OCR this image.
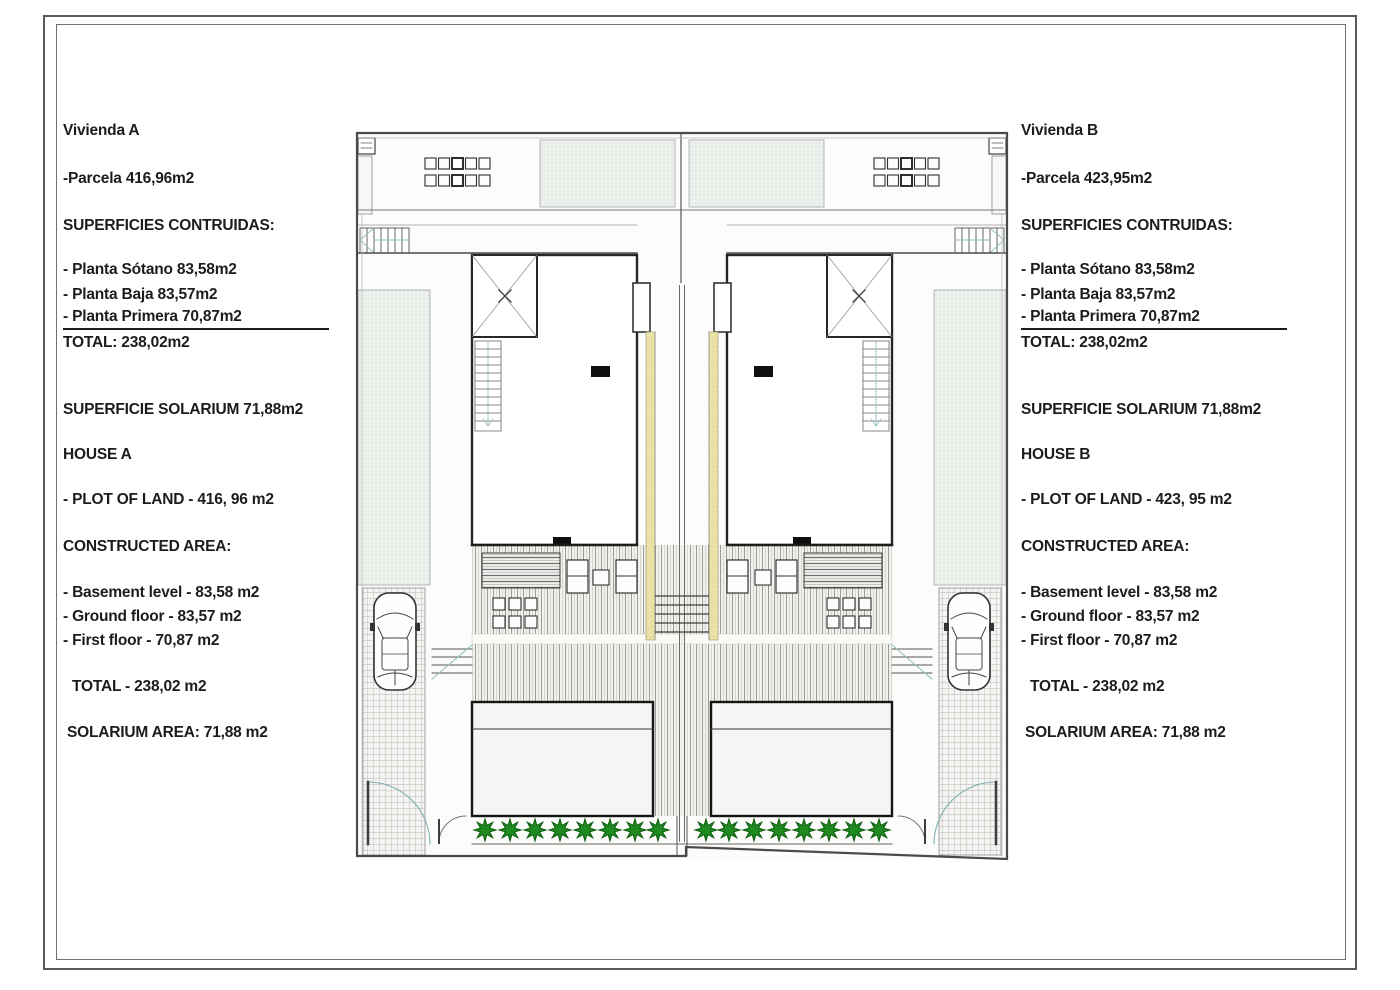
Vivienda A
-Parcela 416,96m2
SUPERFICIES CONTRUIDAS:
- Planta Sótano 83,58m2
- Planta Baja 83,57m2
- Planta Primera 70,87m2
TOTAL: 238,02m2
SUPERFICIE SOLARIUM 71,88m2
HOUSE A
- PLOT OF LAND - 416, 96 m2
CONSTRUCTED AREA:
- Basement level - 83,58 m2
- Ground floor - 83,57 m2
- First floor - 70,87 m2
TOTAL - 238,02 m2
SOLARIUM AREA: 71,88 m2
Vivienda B
-Parcela 423,95m2
SUPERFICIES CONTRUIDAS:
- Planta Sótano 83,58m2
- Planta Baja 83,57m2
- Planta Primera 70,87m2
TOTAL: 238,02m2
SUPERFICIE SOLARIUM 71,88m2
HOUSE B
- PLOT OF LAND - 423, 95 m2
CONSTRUCTED AREA:
- Basement level - 83,58 m2
- Ground floor - 83,57 m2
- First floor - 70,87 m2
TOTAL - 238,02 m2
SOLARIUM AREA: 71,88 m2
